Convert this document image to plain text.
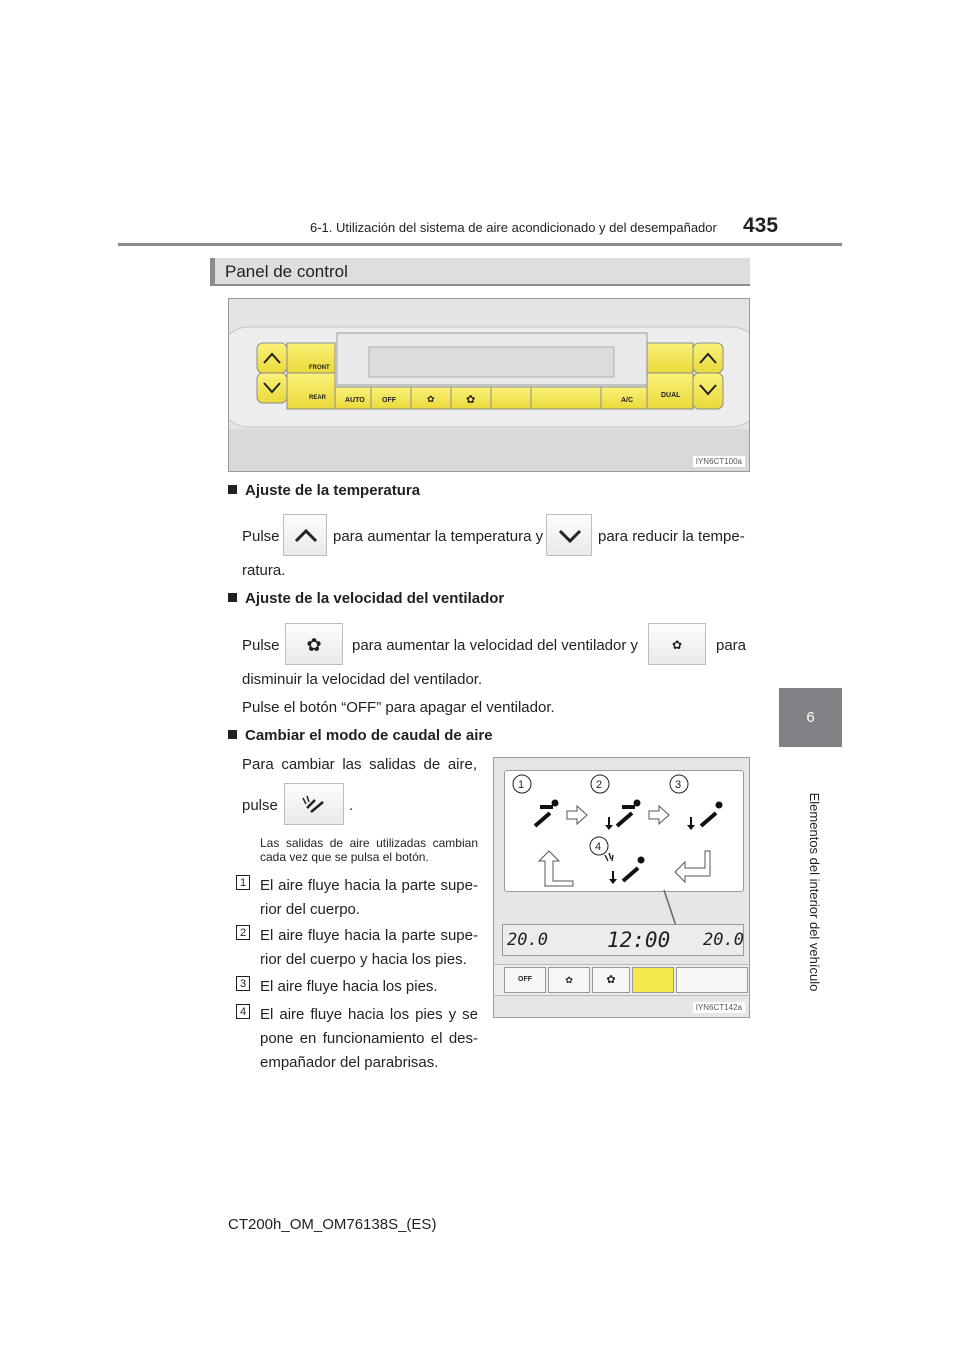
6-1. Utilización del sistema de aire acondicionado y del desempañador 435
6
Elementos del interior del vehículo
Panel de control
FRONT
REAR	AUTO OFF	✿	✿	A/C
DUAL
IYN6CT100a
Ajuste de la temperatura
Pulse	para aumentar la temperatura y	para reducir la tempe-
ratura.
Ajuste de la velocidad del ventilador
Pulse	✿	para aumentar la velocidad del ventilador y	✿	para
disminuir la velocidad del ventilador.
Pulse el botón “OFF” para apagar el ventilador.
Cambiar el modo de caudal de aire
Para cambiar las salidas de aire,
pulse	.
Las salidas de aire utilizadas cambian cada vez que se pulsa el botón.
1 El aire fluye hacia la parte supe-rior del cuerpo.
2 El aire fluye hacia la parte supe-rior del cuerpo y hacia los pies.
3 El aire fluye hacia los pies.
4 El aire fluye hacia los pies y se pone en funcionamiento el des-empañador del parabrisas.
1	2	3
4
20.0	12:00 20.0
OFF	✿	✿
IYN6CT142a
CT200h_OM_OM76138S_(ES)
